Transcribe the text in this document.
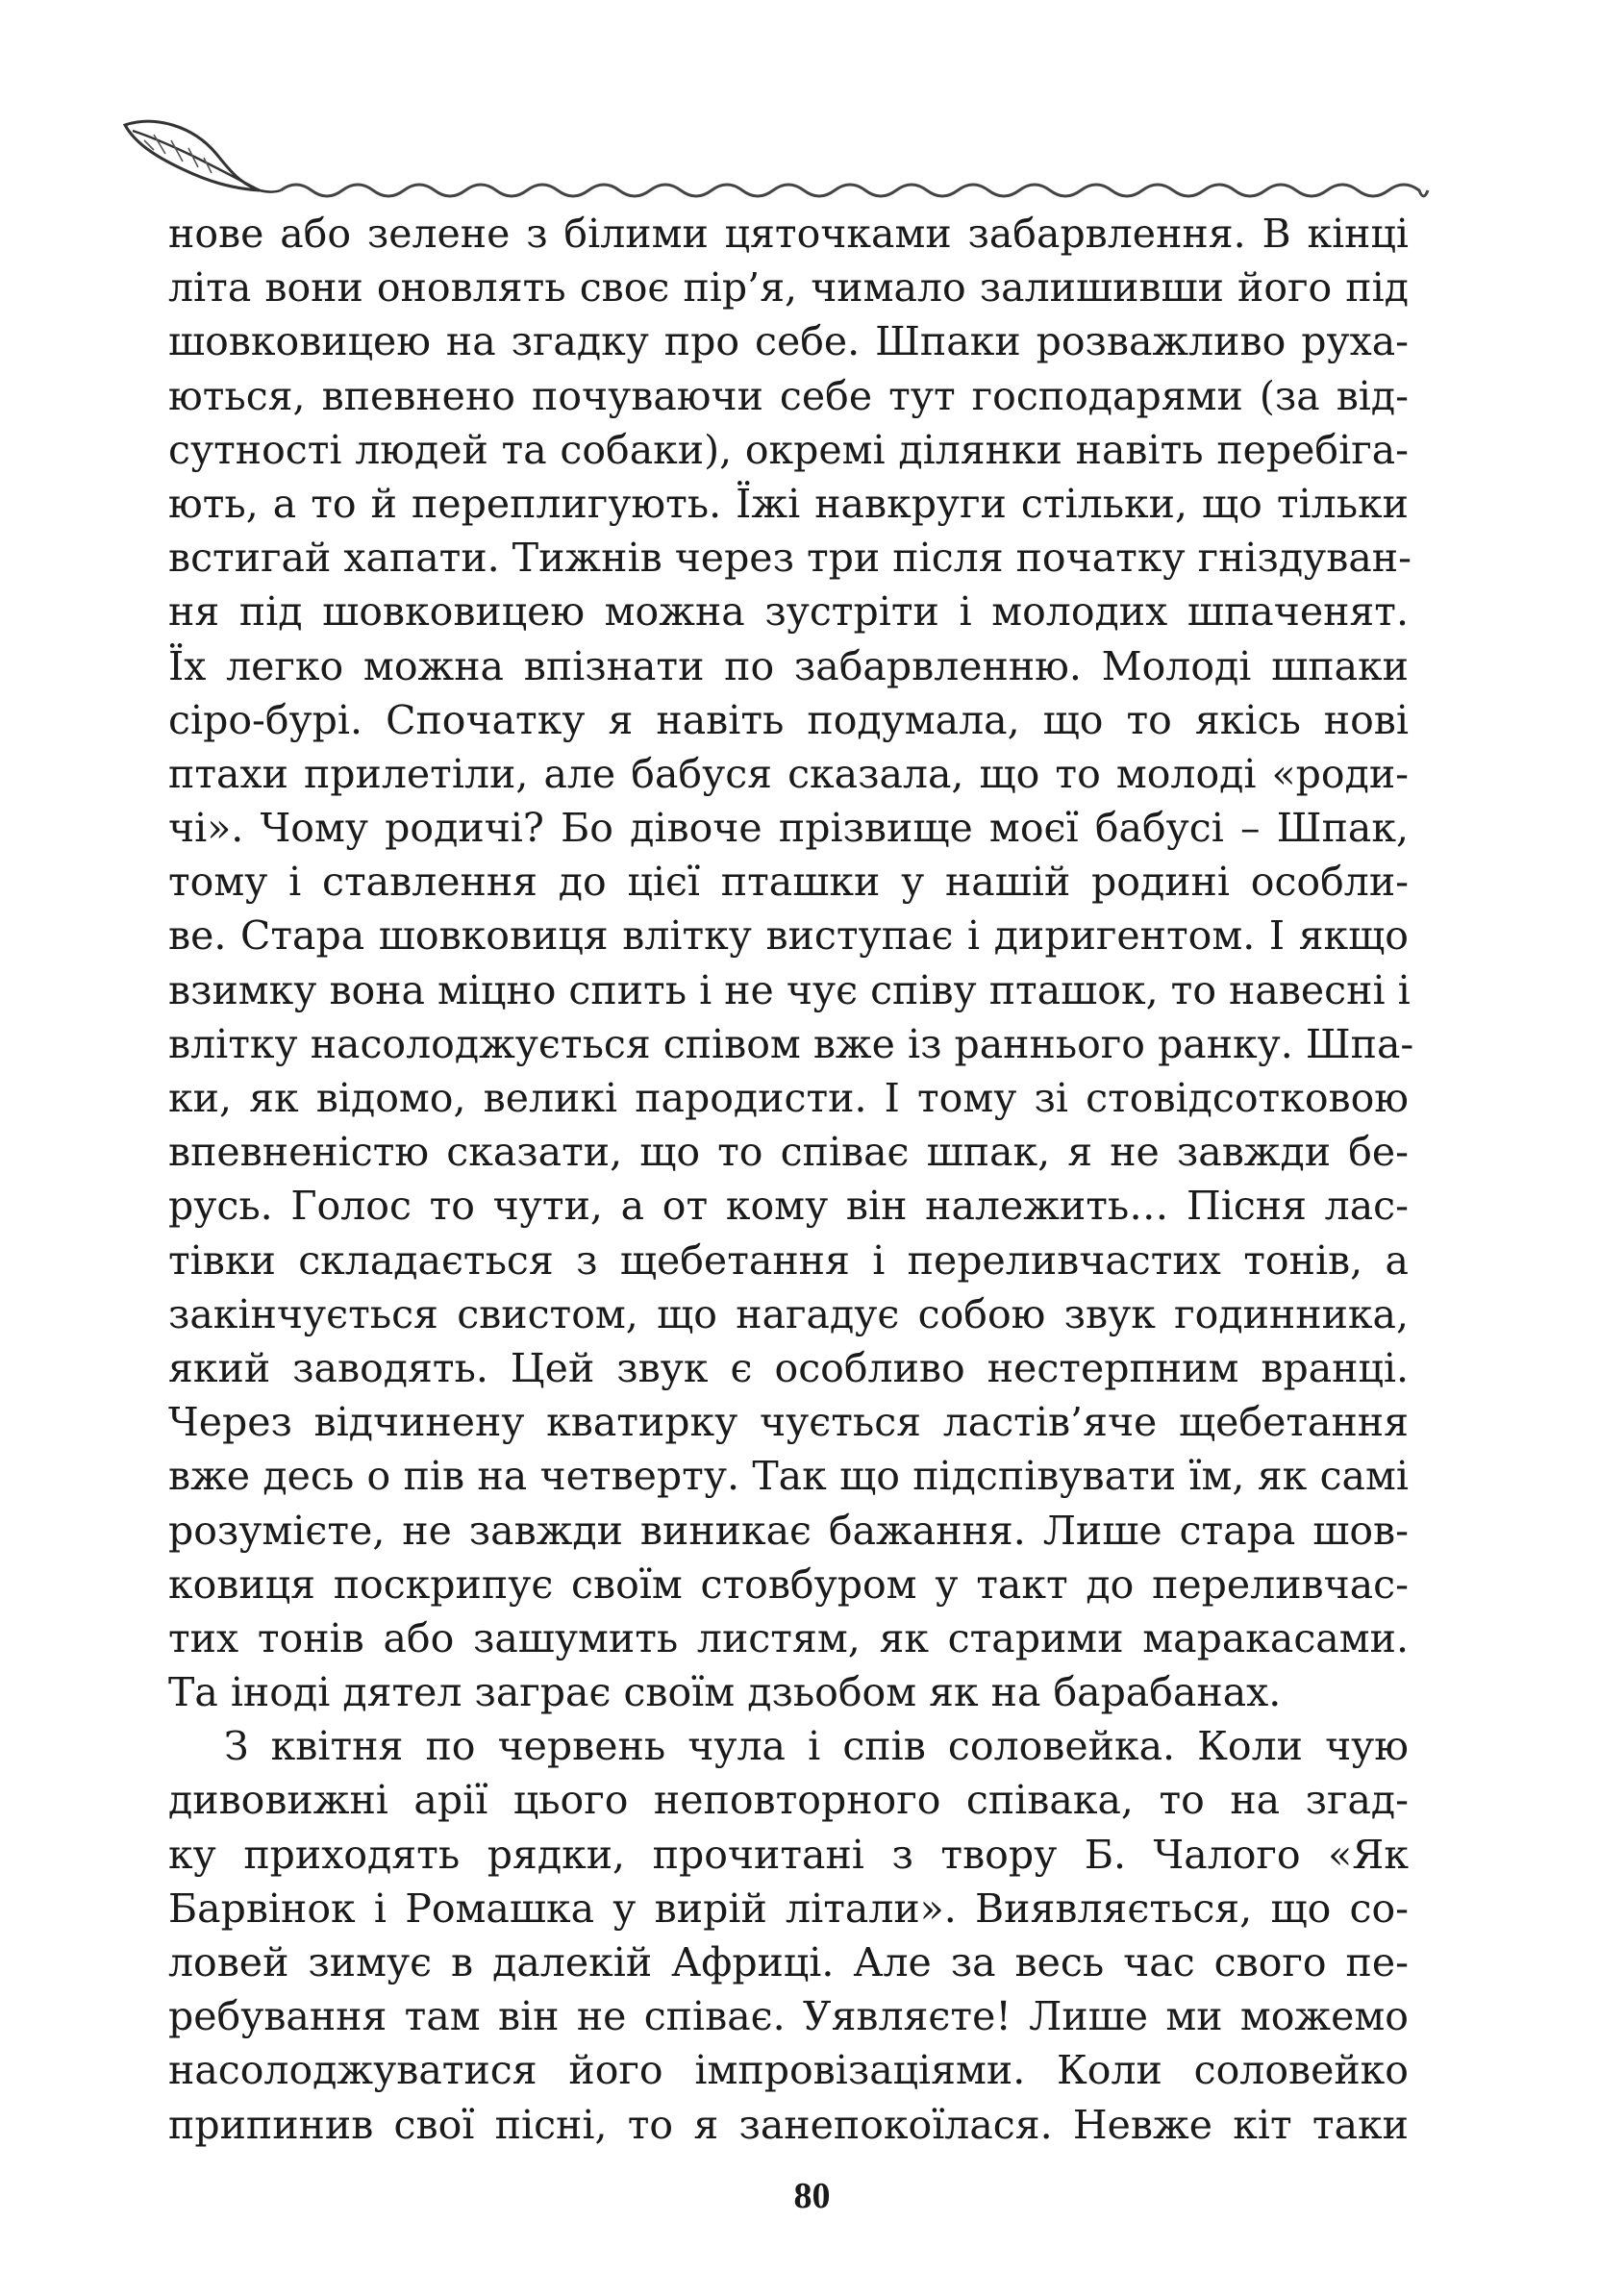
нове або зелене з білими цяточками забарвлення. В кінці
літа вони оновлять своє пір’я, чимало залишивши його під
шовковицею на згадку про себе. Шпаки розважливо руха-
ються, впевнено почуваючи себе тут господарями (за від-
сутності людей та собаки), окремі ділянки навіть перебіга-
ють, а то й переплигують. Їжі навкруги стільки, що тільки
встигай хапати. Тижнів через три після початку гніздуван-
ня під шовковицею можна зустріти і молодих шпаченят.
Їх легко можна впізнати по забарвленню. Молоді шпаки
сіро-бурі. Спочатку я навіть подумала, що то якісь нові
птахи прилетіли, але бабуся сказала, що то молоді «роди-
чі». Чому родичі? Бо дівоче прізвище моєї бабусі – Шпак,
тому і ставлення до цієї пташки у нашій родині особли-
ве. Стара шовковиця влітку виступає і диригентом. І якщо
взимку вона міцно спить і не чує співу пташок, то навесні і
влітку насолоджується співом вже із раннього ранку. Шпа-
ки, як відомо, великі пародисти. І тому зі стовідсотковою
впевненістю сказати, що то співає шпак, я не завжди бе-
русь. Голос то чути, а от кому він належить… Пісня лас-
тівки складається з щебетання і переливчастих тонів, а
закінчується свистом, що нагадує собою звук годинника,
який заводять. Цей звук є особливо нестерпним вранці.
Через відчинену кватирку чується ластів’яче щебетання
вже десь о пів на четверту. Так що підспівувати їм, як самі
розумієте, не завжди виникає бажання. Лише стара шов-
ковиця поскрипує своїм стовбуром у такт до переливчас-
тих тонів або зашумить листям, як старими маракасами.
Та іноді дятел заграє своїм дзьобом як на барабанах.
З квітня по червень чула і спів соловейка. Коли чую
дивовижні арії цього неповторного співака, то на згад-
ку приходять рядки, прочитані з твору Б. Чалого «Як
Барвінок і Ромашка у вирій літали». Виявляється, що со-
ловей зимує в далекій Африці. Але за весь час свого пе-
ребування там він не співає. Уявляєте! Лише ми можемо
насолоджуватися його імпровізаціями. Коли соловейко
припинив свої пісні, то я занепокоїлася. Невже кіт таки
80
